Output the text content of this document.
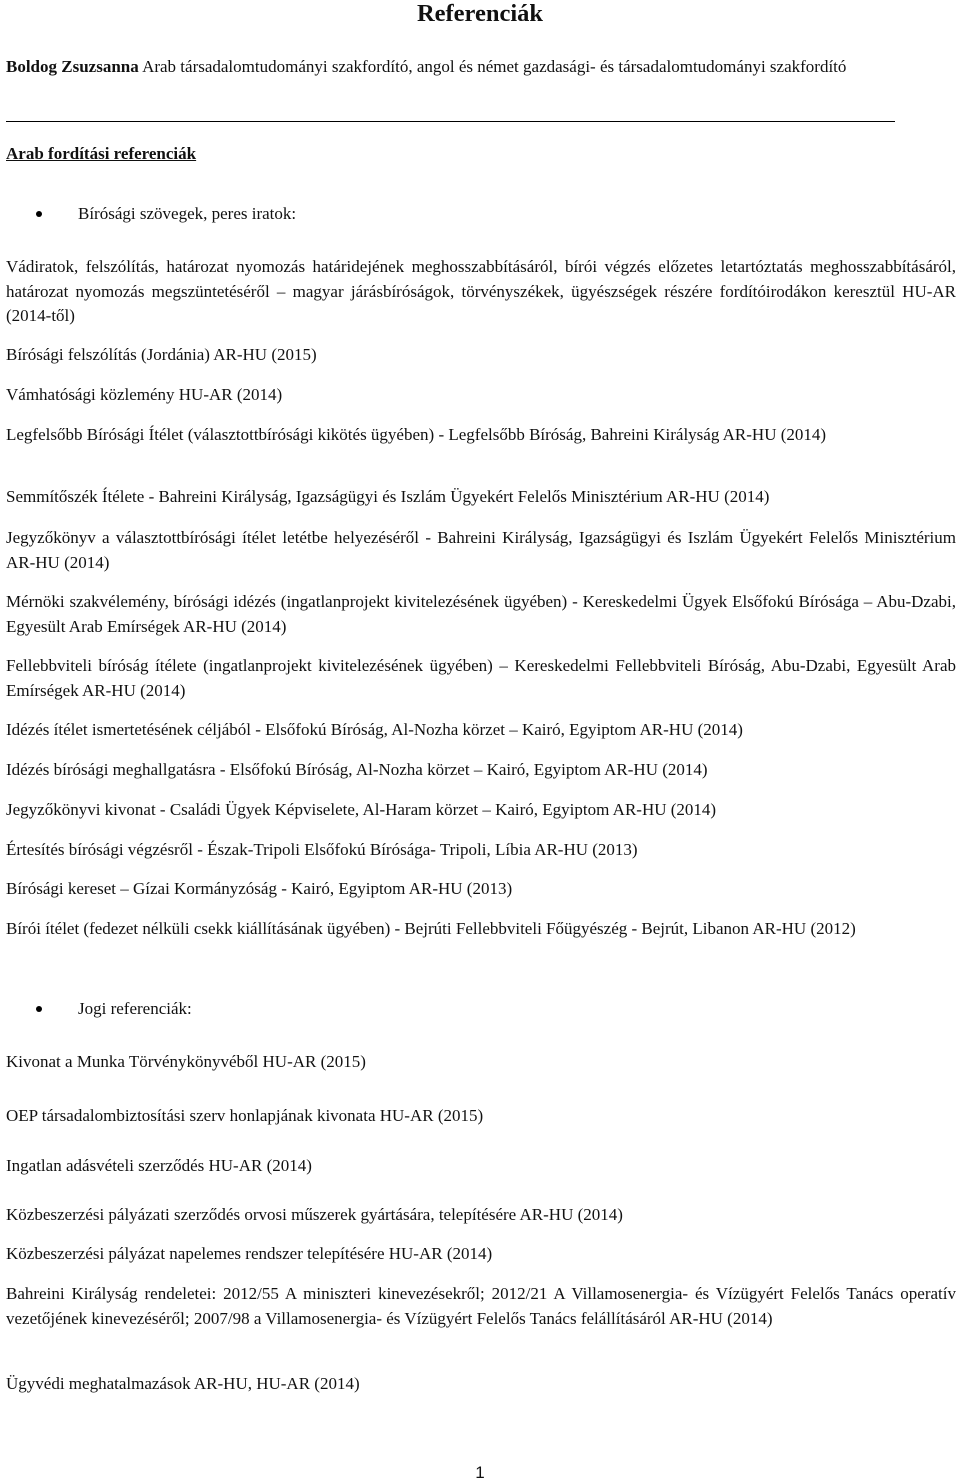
Referenciák

Boldog Zsuzsanna Arab társadalomtudományi szakfordító, angol és német gazdasági- és társadalomtudományi szakfordító

Arab fordítási referenciák

Bírósági szövegek, peres iratok:

Vádiratok, felszólítás, határozat nyomozás határidejének meghosszabbításáról, bírói végzés előzetes letartóztatás meghosszabbításáról, határozat nyomozás megszüntetéséről – magyar járásbíróságok, törvényszékek, ügyészségek részére fordítóirodákon keresztül HU-AR (2014-től)

Bírósági felszólítás (Jordánia) AR-HU (2015)

Vámhatósági közlemény HU-AR (2014)

Legfelsőbb Bírósági Ítélet (választottbírósági kikötés ügyében) - Legfelsőbb Bíróság, Bahreini Királyság AR-HU (2014)

Semmítőszék Ítélete - Bahreini Királyság, Igazságügyi és Iszlám Ügyekért Felelős Minisztérium AR-HU (2014)

Jegyzőkönyv a választottbírósági ítélet letétbe helyezéséről - Bahreini Királyság, Igazságügyi és Iszlám Ügyekért Felelős Minisztérium AR-HU (2014)

Mérnöki szakvélemény, bírósági idézés (ingatlanprojekt kivitelezésének ügyében) - Kereskedelmi Ügyek Elsőfokú Bírósága – Abu-Dzabi, Egyesült Arab Emírségek AR-HU (2014)

Fellebbviteli bíróság ítélete (ingatlanprojekt kivitelezésének ügyében) – Kereskedelmi Fellebbviteli Bíróság, Abu-Dzabi, Egyesült Arab Emírségek AR-HU (2014)

Idézés ítélet ismertetésének céljából - Elsőfokú Bíróság, Al-Nozha körzet – Kairó, Egyiptom AR-HU (2014)

Idézés bírósági meghallgatásra - Elsőfokú Bíróság, Al-Nozha körzet – Kairó, Egyiptom AR-HU (2014)

Jegyzőkönyvi kivonat - Családi Ügyek Képviselete, Al-Haram körzet – Kairó, Egyiptom AR-HU (2014)

Értesítés bírósági végzésről - Észak-Tripoli Elsőfokú Bírósága- Tripoli, Líbia AR-HU (2013)

Bírósági kereset – Gízai Kormányzóság - Kairó, Egyiptom AR-HU (2013)

Bírói ítélet (fedezet nélküli csekk kiállításának ügyében) - Bejrúti Fellebbviteli Főügyészég - Bejrút, Libanon AR-HU (2012)

Jogi referenciák:

Kivonat a Munka Törvénykönyvéből HU-AR (2015)

OEP társadalombiztosítási szerv honlapjának kivonata HU-AR (2015)

Ingatlan adásvételi szerződés HU-AR (2014)

Közbeszerzési pályázati szerződés orvosi műszerek gyártására, telepítésére AR-HU (2014)

Közbeszerzési pályázat napelemes rendszer telepítésére HU-AR (2014)

Bahreini Királyság rendeletei: 2012/55 A miniszteri kinevezésekről; 2012/21 A Villamosenergia- és Vízügyért Felelős Tanács operatív vezetőjének kinevezéséről; 2007/98 a Villamosenergia- és Vízügyért Felelős Tanács felállításáról AR-HU (2014)

Ügyvédi meghatalmazások AR-HU, HU-AR (2014)

1
